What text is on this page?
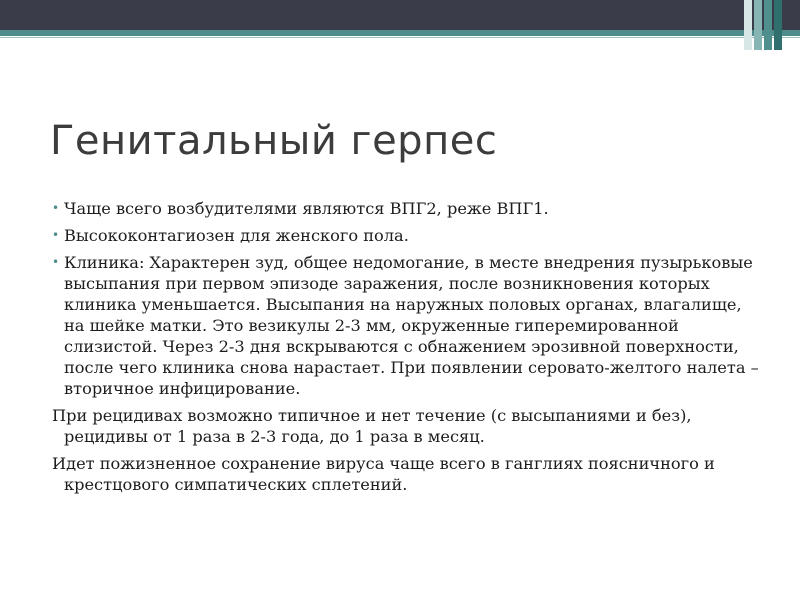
Генитальный герпес
• Чаще всего возбудителями являются ВПГ2, реже ВПГ1.
• Высококонтагиозен для женского пола.
• Клиника: Характерен зуд, общее недомогание, в месте внедрения пузырьковые высыпания при первом эпизоде заражения, после возникновения которых клиника уменьшается. Высыпания на наружных половых органах, влагалище, на шейке матки. Это везикулы 2-3 мм, окруженные гиперемированной слизистой. Через 2-3 дня вскрываются с обнажением эрозивной поверхности, после чего клиника снова нарастает. При появлении серовато-желтого налета – вторичное инфицирование.
При рецидивах возможно типичное и нет течение (с высыпаниями и без), рецидивы от 1 раза в 2-3 года, до 1 раза в месяц.
Идет пожизненное сохранение вируса чаще всего в ганглиях поясничного и крестцового симпатических сплетений.
